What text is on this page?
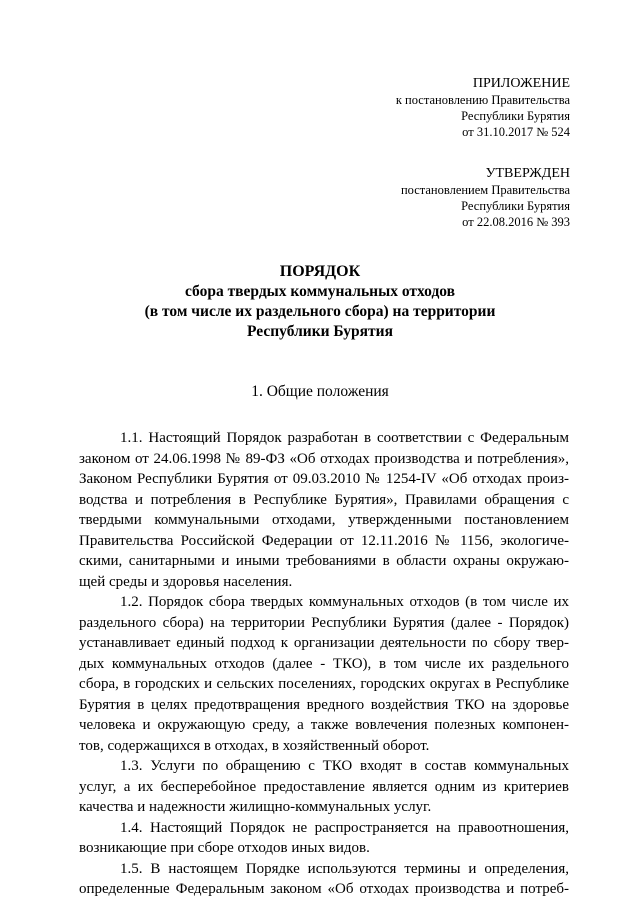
ПРИЛОЖЕНИЕ
к постановлению Правительства
Республики Бурятия
от 31.10.2017 № 524
УТВЕРЖДЕН
постановлением Правительства
Республики Бурятия
от 22.08.2016 № 393
ПОРЯДОК
сбора твердых коммунальных отходов
(в том числе их раздельного сбора) на территории
Республики Бурятия
1. Общие положения
1.1. Настоящий Порядок разработан в соответствии с Федеральным
законом от 24.06.1998 № 89-ФЗ «Об отходах производства и потребления»,
Законом Республики Бурятия от 09.03.2010 № 1254-IV «Об отходах произ-
водства и потребления в Республике Бурятия», Правилами обращения с
твердыми коммунальными отходами, утвержденными постановлением
Правительства Российской Федерации от 12.11.2016 № 1156, экологиче-
скими, санитарными и иными требованиями в области охраны окружаю-
щей среды и здоровья населения.
1.2. Порядок сбора твердых коммунальных отходов (в том числе их
раздельного сбора) на территории Республики Бурятия (далее - Порядок)
устанавливает единый подход к организации деятельности по сбору твер-
дых коммунальных отходов (далее - ТКО), в том числе их раздельного
сбора, в городских и сельских поселениях, городских округах в Республике
Бурятия в целях предотвращения вредного воздействия ТКО на здоровье
человека и окружающую среду, а также вовлечения полезных компонен-
тов, содержащихся в отходах, в хозяйственный оборот.
1.3. Услуги по обращению с ТКО входят в состав коммунальных
услуг, а их бесперебойное предоставление является одним из критериев
качества и надежности жилищно-коммунальных услуг.
1.4. Настоящий Порядок не распространяется на правоотношения,
возникающие при сборе отходов иных видов.
1.5. В настоящем Порядке используются термины и определения,
определенные Федеральным законом «Об отходах производства и потреб-
